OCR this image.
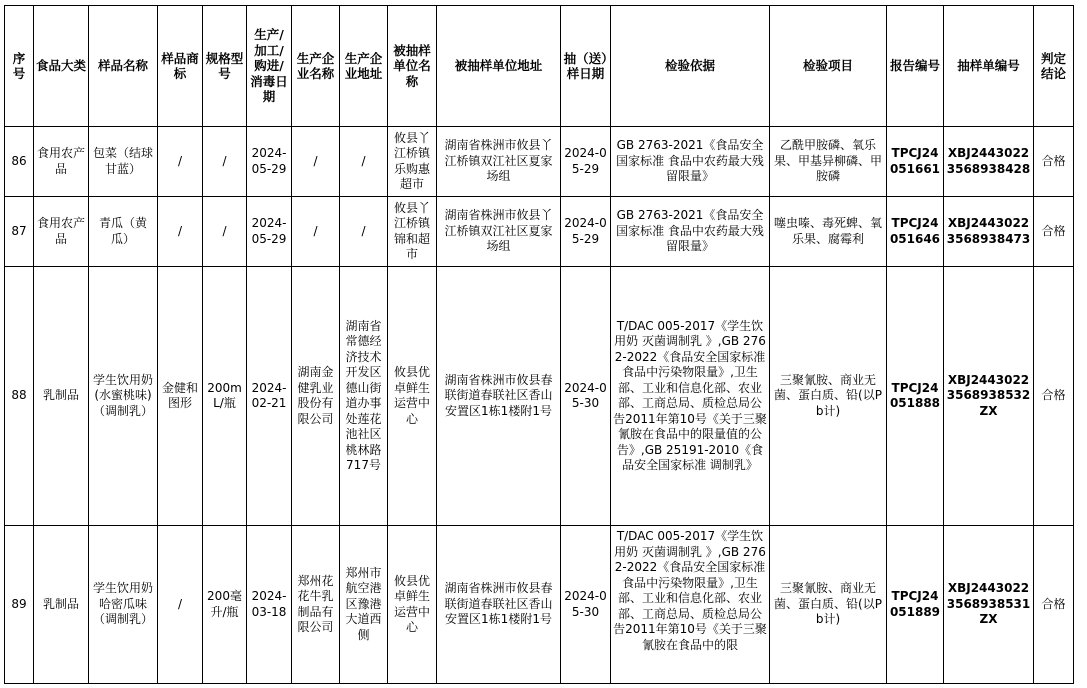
序号	食品大类	样品名称	样品商标	规格型号	生产/加工/购进/消毒日期	生产企业名称	生产企业地址	被抽样单位名称	被抽样单位地址	抽（送）样日期	检验依据	检验项目	报告编号	抽样单编号	判定结论
86	食用农产品	包菜（结球甘蓝）	/	/	2024-05-29	/	/	攸县丫江桥镇乐购惠超市	湖南省株洲市攸县丫江桥镇双江社区夏家场组	2024-05-29	GB 2763-2021《食品安全国家标准 食品中农药最大残留限量》	乙酰甲胺磷、氧乐果、甲基异柳磷、甲胺磷	TPCJ24051661	XBJ24430223568938428	合格
87	食用农产品	青瓜（黄瓜）	/	/	2024-05-29	/	/	攸县丫江桥镇锦和超市	湖南省株洲市攸县丫江桥镇双江社区夏家场组	2024-05-29	GB 2763-2021《食品安全国家标准 食品中农药最大残留限量》	噻虫嗪、毒死蜱、氧乐果、腐霉利	TPCJ24051646	XBJ24430223568938473	合格
88	乳制品	学生饮用奶(水蜜桃味)（调制乳）	金健和图形	200mL/瓶	2024-02-21	湖南金健乳业股份有限公司	湖南省常德经济技术开发区德山街道办事处莲花池社区桃林路717号	攸县优卓鲜生运营中心	湖南省株洲市攸县春联街道春联社区香山安置区1栋1楼附1号	2024-05-30	T/DAC 005-2017《学生饮用奶 灭菌调制乳 》,GB 2762-2022《食品安全国家标准 食品中污染物限量》,卫生部、工业和信息化部、农业部、工商总局、质检总局公告2011年第10号《关于三聚氰胺在食品中的限量值的公告》,GB 25191-2010《食品安全国家标准 调制乳》	三聚氰胺、商业无菌、蛋白质、铅(以Pb计)	TPCJ24051888	XBJ24430223568938532ZX	合格
89	乳制品	学生饮用奶哈密瓜味（调制乳）	/	200毫升/瓶	2024-03-18	郑州花花牛乳制品有限公司	郑州市航空港区豫港大道西侧	攸县优卓鲜生运营中心	湖南省株洲市攸县春联街道春联社区香山安置区1栋1楼附1号	2024-05-30	T/DAC 005-2017《学生饮用奶 灭菌调制乳 》,GB 2762-2022《食品安全国家标准 食品中污染物限量》,卫生部、工业和信息化部、农业部、工商总局、质检总局公告2011年第10号《关于三聚氰胺在食品中的限	三聚氰胺、商业无菌、蛋白质、铅(以Pb计)	TPCJ24051889	XBJ24430223568938531ZX	合格
